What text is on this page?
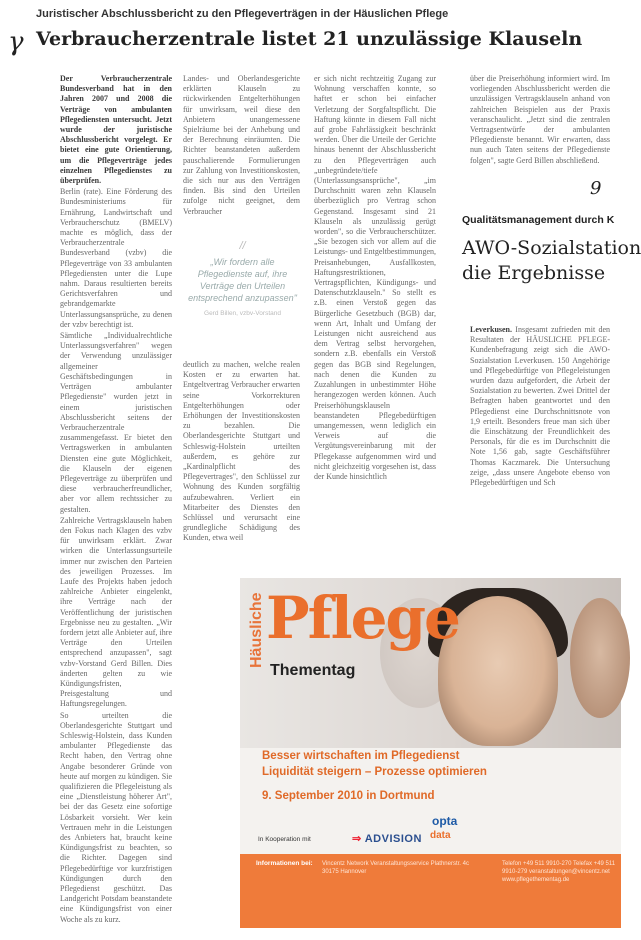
Juristischer Abschlussbericht zu den Pflegeverträgen in der Häuslichen Pflege
γ Verbraucherzentrale listet 21 unzulässige Klauseln

Der Verbraucherzentrale Bundesverband hat in den Jahren 2007 und 2008 die Verträge von ambulanten Pflegediensten untersucht. Jetzt wurde der juristische Abschlussbericht vorgelegt. Er bietet eine gute Orientierung, um die Pflegeverträge jedes einzelnen Pflegedienstes zu überprüfen.

Berlin (rate). Eine Förderung des Bundesministeriums für Ernährung, Landwirtschaft und Verbraucherschutz (BMELV) machte es möglich, dass der Verbraucherzentrale Bundesverband (vzbv) die Pflegeverträge von 33 ambulanten Pflegediensten unter die Lupe nahm. Daraus resultierten bereits Gerichtsverfahren und gebrandgemarkte Unterlassungsansprüche, zu denen der vzbv berechtigt ist.

Sämtliche „Individualrechtliche Unterlassungsverfahren" wegen der Verwendung unzulässiger allgemeiner Geschäftsbedingungen in Verträgen ambulanter Pflegedienste" wurden jetzt in einem juristischen Abschlussbericht seitens der Verbraucherzentrale zusammengefasst. Er bietet den Vertragswerken in ambulanten Diensten eine gute Möglichkeit, die Klauseln der eigenen Pflegeverträge zu überprüfen und diese verbraucherfreundlicher, aber vor allem rechtssicher zu gestalten.

Zahlreiche Vertragsklauseln haben den Fokus nach Klagen des vzbv für unwirksam erklärt. Zwar wirken die Unterlassungsurteile immer nur zwischen den Parteien des jeweiligen Prozesses. Im Laufe des Projekts haben jedoch zahlreiche Anbieter eingelenkt, ihre Verträge nach der Veröffentlichung der juristischen Ergebnisse neu zu gestalten. „Wir fordern jetzt alle Anbieter auf, ihre Verträge den Urteilen entsprechend anzupassen", sagt vzbv-Vorstand Gerd Billen. Dies änderten gelten zu wie Kündigungsfristen, Preisgestaltung und Haftungsregelungen.

So urteilten die Oberlandesgerichte Stuttgart und Schleswig-Holstein, dass Kunden ambulanter Pflegedienste das Recht haben, den Vertrag ohne Angabe besonderer Gründe von heute auf morgen zu kündigen. Sie qualifizieren die Pflegeleistung als eine „Dienstleistung höherer Art", bei der das Gesetz eine sofortige Lösbarkeit vorsieht. Wer kein Vertrauen mehr in die Leistungen des Anbieters hat, braucht keine Kündigungsfrist zu beachten, so die Richter. Dagegen sind Pflegebedürftige vor kurzfristigen Kündigungen durch den Pflegedienst geschützt. Das Landgericht Potsdam beanstandete eine Kündigungsfrist von einer Woche als zu kurz.

Landes- und Oberlandesgerichte erklärten Klauseln zu rückwirkenden Entgelterhöhungen für unwirksam, weil diese den Anbietern unangemessene Spielräume bei der Anhebung und der Berechnung einräumten. Die Richter beanstandeten außerdem pauschalierende Formulierungen zur Zahlung von Investitionskosten, die sich nur aus den Verträgen finden. Bis sind den Urteilen zufolge nicht geeignet, dem Verbraucher

//
„Wir fordern alle Pflegedienste auf, ihre Verträge den Urteilen entsprechend anzupassen"
Gerd Billen, vzbv-Vorstand

deutlich zu machen, welche realen Kosten er zu erwarten hat. Entgeltvertrag Verbraucher erwarten seine Vorkorrekturen Entgelterhöhungen oder Erhöhungen der Investitionskosten zu bezahlen. Die Oberlandesgerichte Stuttgart und Schleswig-Holstein urteilten außerdem, es gehöre zur „Kardinalpflicht des Pflegevertrages", den Schlüssel zur Wohnung des Kunden sorgfältig aufzubewahren. Verliert ein Mitarbeiter des Dienstes den Schlüssel und verursacht eine grundlegliche Schädigung des Kunden, etwa weil

er sich nicht rechtzeitig Zugang zur Wohnung verschaffen konnte, so haftet er schon bei einfacher Verletzung der Sorgfaltspflicht. Die Haftung könnte in diesem Fall nicht auf grobe Fahrlässigkeit beschränkt werden. Über die Urteile der Gerichte hinaus benennt der Abschlussbericht zu den Pflegeverträgen auch „unbegründete/tiefe (Unterlassungsansprüche", „im Durchschnitt waren zehn Klauseln überbezüglich pro Vertrag schon Gegenstand. Insgesamt sind 21 Klauseln als unzulässig gerügt worden", so die Verbraucherschützer. „Sie bezogen sich vor allem auf die Leistungs- und Entgeltbestimmungen, Preisanhebungen, Ausfallkosten, Haftungsrestriktionen, Vertragspflichten, Kündigungs- und Datenschutzklauseln." So stellt es z.B. einen Verstoß gegen das Bürgerliche Gesetzbuch (BGB) dar, wenn Art, Inhalt und Umfang der Leistungen nicht ausreichend aus dem Vertrag selbst hervorgehen, sondern z.B. ebenfalls ein Verstoß gegen das BGB sind Regelungen, nach denen die Kunden zu Zuzahlungen in unbestimmter Höhe herangezogen werden können. Auch Preiserhöhungsklauseln beanstandeten Pflegebedürftigen umangemessen, wenn lediglich ein Verweis auf die Vergütungsvereinbarung mit der Pflegekasse aufgenommen wird und nicht gleichzeitig vorgesehen ist, dass der Kunde hinsichtlich

über die Preiserhöhung informiert wird. Im vorliegenden Abschlussbericht werden die unzulässigen Vertragsklauseln anhand von zahlreichen Beispielen aus der Praxis veranschaulicht. „Jetzt sind die zentralen Vertragsentwürfe der ambulanten Pflegedienste benannt. Wir erwarten, dass nun auch Taten seitens der Pflegedienste folgen", sagte Gerd Billen abschließend.

9
Qualitätsmanagement durch K
AWO-Sozialstation
die Ergebnisse

Leverkusen. Insgesamt zufrieden mit den Resultaten der HÄUSLICHE PFLEGE-Kundenbefragung zeigt sich die AWO-Sozialstation Leverkusen. 150 Angehörige und Pflegebedürftige von Pflegeleistungen wurden dazu aufgefordert, die Arbeit der Sozialstation zu bewerten. Zwei Drittel der Befragten haben geantwortet und den Pflegedienst eine Durchschnittsnote von 1,9 erteilt. Besonders freue man sich über die Einschätzung der Freundlichkeit des Personals, für die es im Durchschnitt die Note 1,56 gab, sagte Geschäftsführer Thomas Kaczmarek. Die Untersuchung zeige, „dass unsere Angebote ebenso von Pflegebedürftigen und Sch

Häusliche Pflege
Thementag
Besser wirtschaften im Pflegedienst
Liquidität steigern – Prozesse optimieren
9. September 2010 in Dortmund
In Kooperation mit	⇒ ADVISION
opta
data
Informationen bei: Vincentz Network Veranstaltungsservice Plathnerstr. 4c 30175 Hannover
Telefon +49 511 9910-270 Telefax +49 511 9910-279 veranstaltungen@vincentz.net www.pflegethementag.de
